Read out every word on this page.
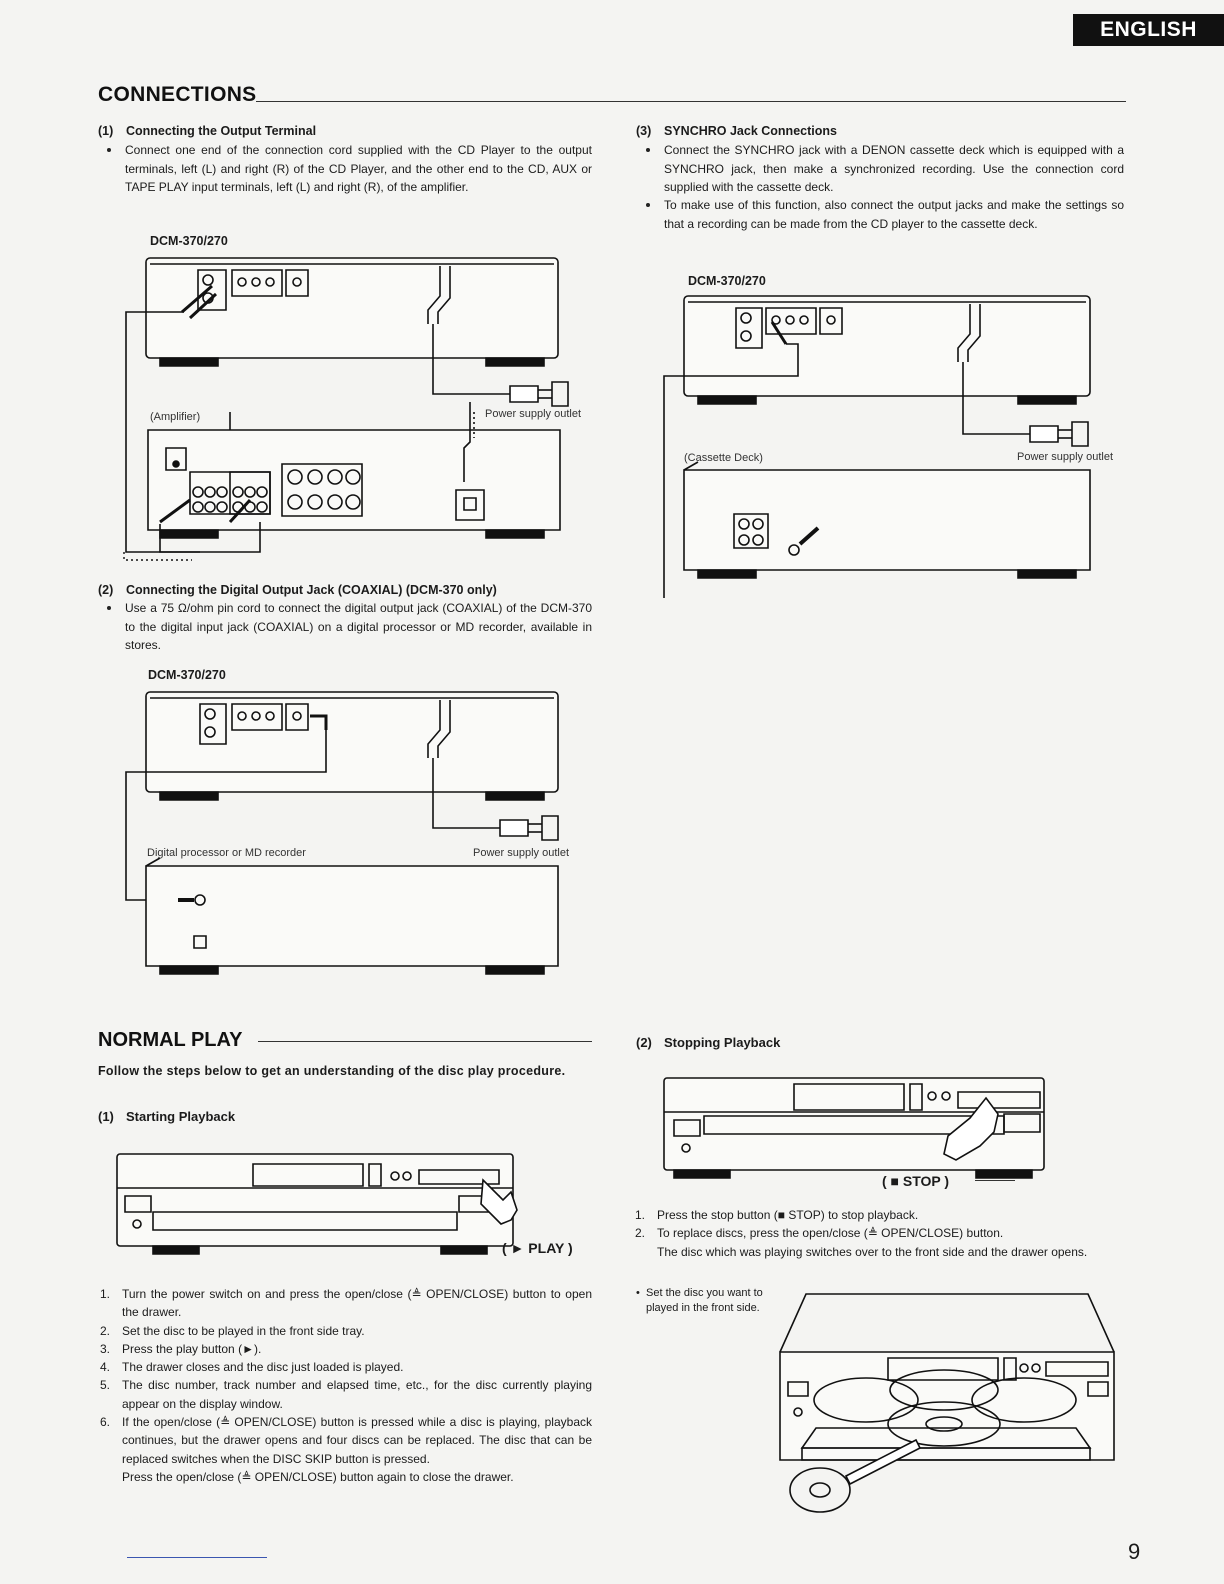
ENGLISH
CONNECTIONS
(1) Connecting the Output Terminal
Connect one end of the connection cord supplied with the CD Player to the output terminals, left (L) and right (R) of the CD Player, and the other end to the CD, AUX or TAPE PLAY input terminals, left (L) and right (R), of the amplifier.
DCM-370/270
(Amplifier)	Power supply outlet
(2) Connecting the Digital Output Jack (COAXIAL) (DCM-370 only)
Use a 75 Ω/ohm pin cord to connect the digital output jack (COAXIAL) of the DCM-370 to the digital input jack (COAXIAL) on a digital processor or MD recorder, available in stores.
DCM-370/270
Digital processor or MD recorder	Power supply outlet
(3) SYNCHRO Jack Connections
Connect the SYNCHRO jack with a DENON cassette deck which is equipped with a SYNCHRO jack, then make a synchronized recording. Use the connection cord supplied with the cassette deck.
To make use of this function, also connect the output jacks and make the settings so that a recording can be made from the CD player to the cassette deck.
DCM-370/270
(Cassette Deck)	Power supply outlet
NORMAL PLAY
Follow the steps below to get an understanding of the disc play procedure.
(1) Starting Playback
( ► PLAY )
1. Turn the power switch on and press the open/close (≜ OPEN/CLOSE) button to open the drawer.
2. Set the disc to be played in the front side tray.
3. Press the play button (►).
4. The drawer closes and the disc just loaded is played.
5. The disc number, track number and elapsed time, etc., for the disc currently playing appear on the display window.
6. If the open/close (≜ OPEN/CLOSE) button is pressed while a disc is playing, playback continues, but the drawer opens and four discs can be replaced. The disc that can be replaced switches when the DISC SKIP button is pressed.
Press the open/close (≜ OPEN/CLOSE) button again to close the drawer.
(2) Stopping Playback
( ■ STOP )
1. Press the stop button (■ STOP) to stop playback.
2. To replace discs, press the open/close (≜ OPEN/CLOSE) button.
The disc which was playing switches over to the front side and the drawer opens.
• Set the disc you want to played in the front side.
9
